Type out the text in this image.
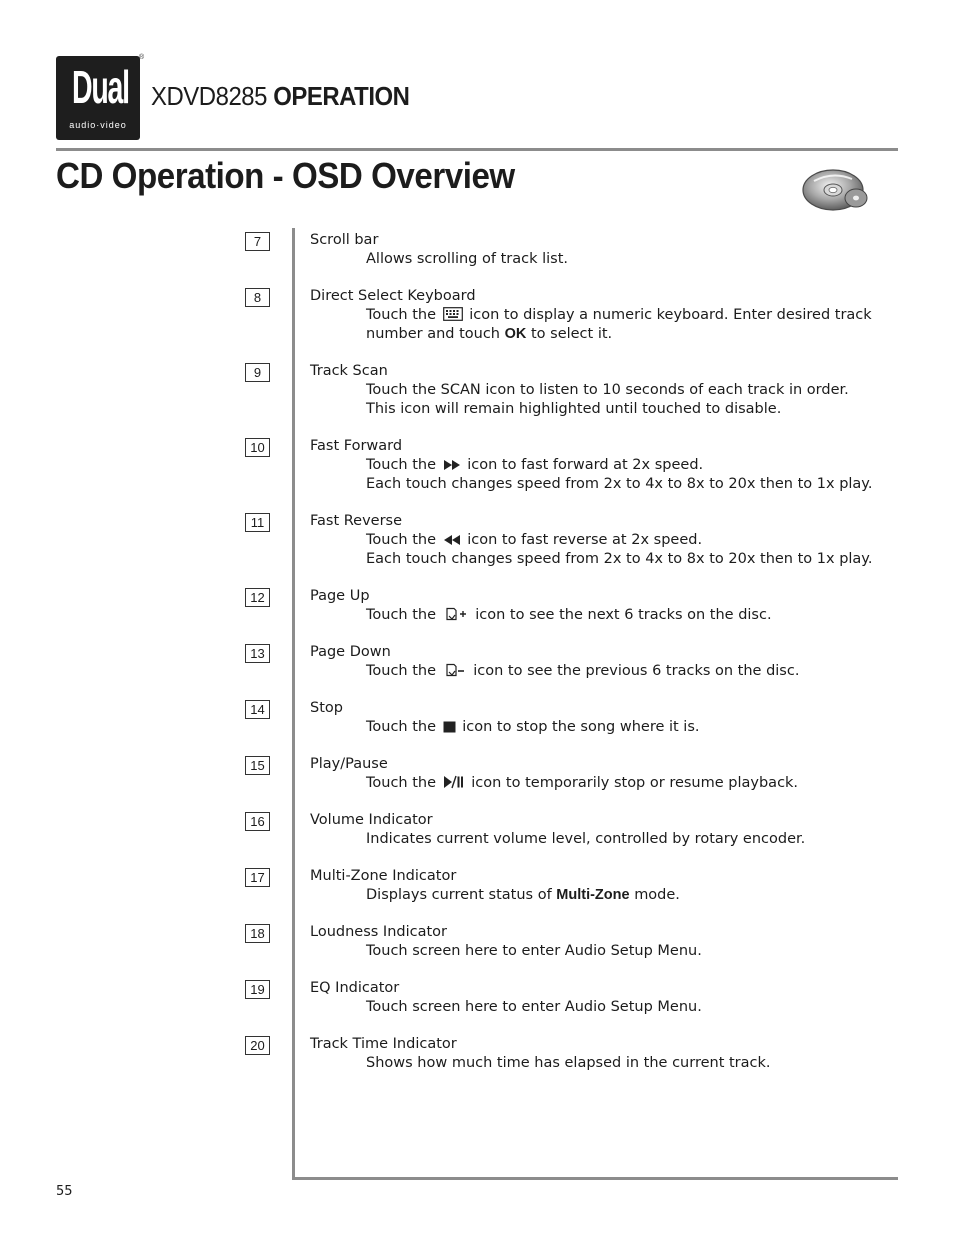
Dual
audio·video
®
XDVD8285 OPERATION
CD Operation - OSD Overview
7	Scroll bar
Allows scrolling of track list.
8	Direct Select Keyboard
Touch the icon to display a numeric keyboard. Enter desired track
number and touch OK to select it.
9	Track Scan
Touch the SCAN icon to listen to 10 seconds of each track in order.
This icon will remain highlighted until touched to disable.
10	Fast Forward
Touch the icon to fast forward at 2x speed.
Each touch changes speed from 2x to 4x to 8x to 20x then to 1x play.
11	Fast Reverse
Touch the icon to fast reverse at 2x speed.
Each touch changes speed from 2x to 4x to 8x to 20x then to 1x play.
12	Page Up
Touch the	icon to see the next 6 tracks on the disc.
13	Page Down
Touch the	icon to see the previous 6 tracks on the disc.
14	Stop
Touch the icon to stop the song where it is.
15	Play/Pause
Touch the icon to temporarily stop or resume playback.
16	Volume Indicator
Indicates current volume level, controlled by rotary encoder.
17	Multi-Zone Indicator
Displays current status of Multi-Zone mode.
18	Loudness Indicator
Touch screen here to enter Audio Setup Menu.
19	EQ Indicator
Touch screen here to enter Audio Setup Menu.
20	Track Time Indicator
Shows how much time has elapsed in the current track.
55
